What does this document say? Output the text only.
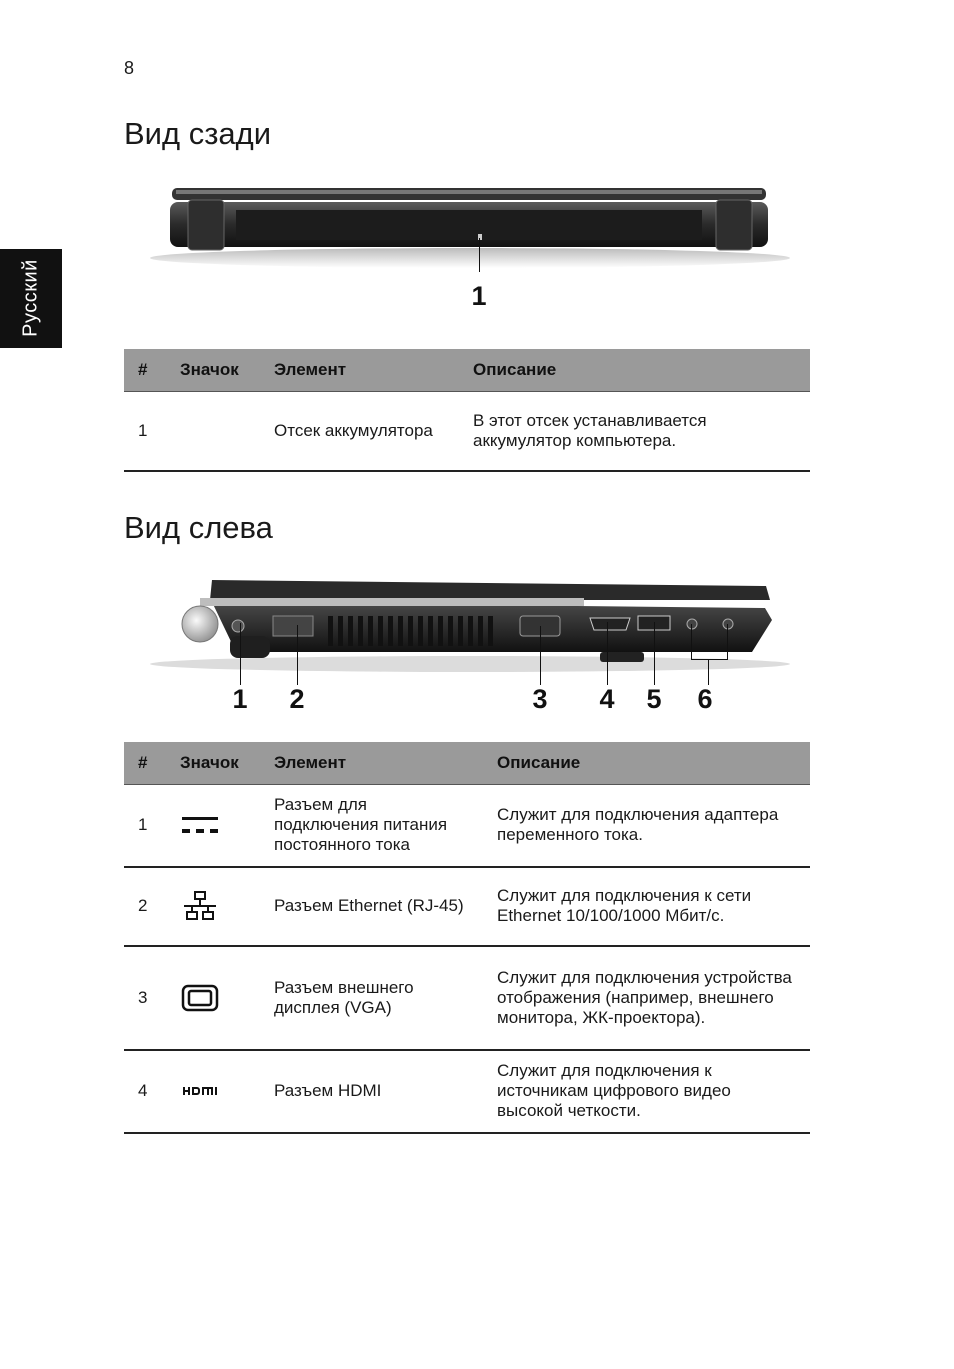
8
Русский
Вид сзади
1
#	Значок	Элемент	Описание
1		Отсек аккумулятора	В этот отсек устанавливается аккумулятор компьютера.
Вид слева
1 2	3 4 5 6
#	Значок	Элемент	Описание
1		Разъем для подключения питания постоянного тока	Служит для подключения адаптера переменного тока.
2		Разъем Ethernet (RJ-45)	Служит для подключения к сети Ethernet 10/100/1000 Мбит/с.
3		Разъем внешнего дисплея (VGA)	Служит для подключения устройства отображения (например, внешнего монитора, ЖК-проектора).
4		Разъем HDMI	Служит для подключения к источникам цифрового видео высокой четкости.
